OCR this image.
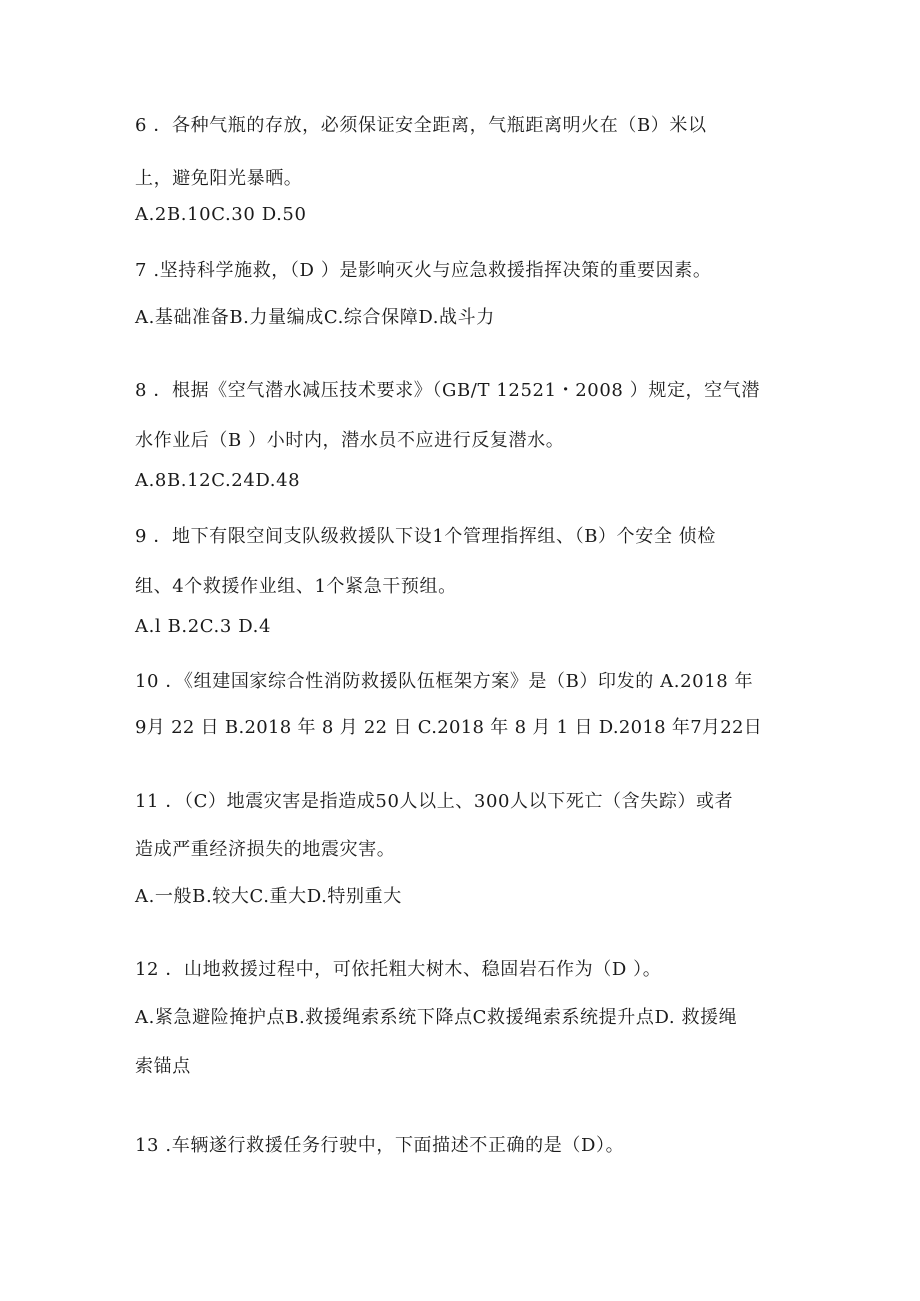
6 ．各种气瓶的存放，必须保证安全距离，气瓶距离明火在（B）米以
上，避免阳光暴晒。
A.2B.10C.30 D.50
7 .坚持科学施救，（D ）是影响灭火与应急救援指挥决策的重要因素。
A.基础准备B.力量编成C.综合保障D.战斗力
8 ．根据《空气潜水减压技术要求》（GB/T 12521・2008 ）规定，空气潜
水作业后（B ）小时内，潜水员不应进行反复潜水。
A.8B.12C.24D.48
9 ．地下有限空间支队级救援队下设1个管理指挥组、（B）个安全 侦检
组、4个救援作业组、1个紧急干预组。
A.l B.2C.3 D.4
10 ．《组建国家综合性消防救援队伍框架方案》是（B）印发的 A.2018 年
9月 22 日 B.2018 年 8 月 22 日 C.2018 年 8 月 1 日 D.2018 年7月22日
11 ．（C）地震灾害是指造成50人以上、300人以下死亡（含失踪）或者
造成严重经济损失的地震灾害。
A.一般B.较大C.重大D.特别重大
12 ．山地救援过程中，可依托粗大树木、稳固岩石作为（D ）。
A.紧急避险掩护点B.救援绳索系统下降点C救援绳索系统提升点D. 救援绳
索锚点
13 .车辆遂行救援任务行驶中，下面描述不正确的是（D）。
